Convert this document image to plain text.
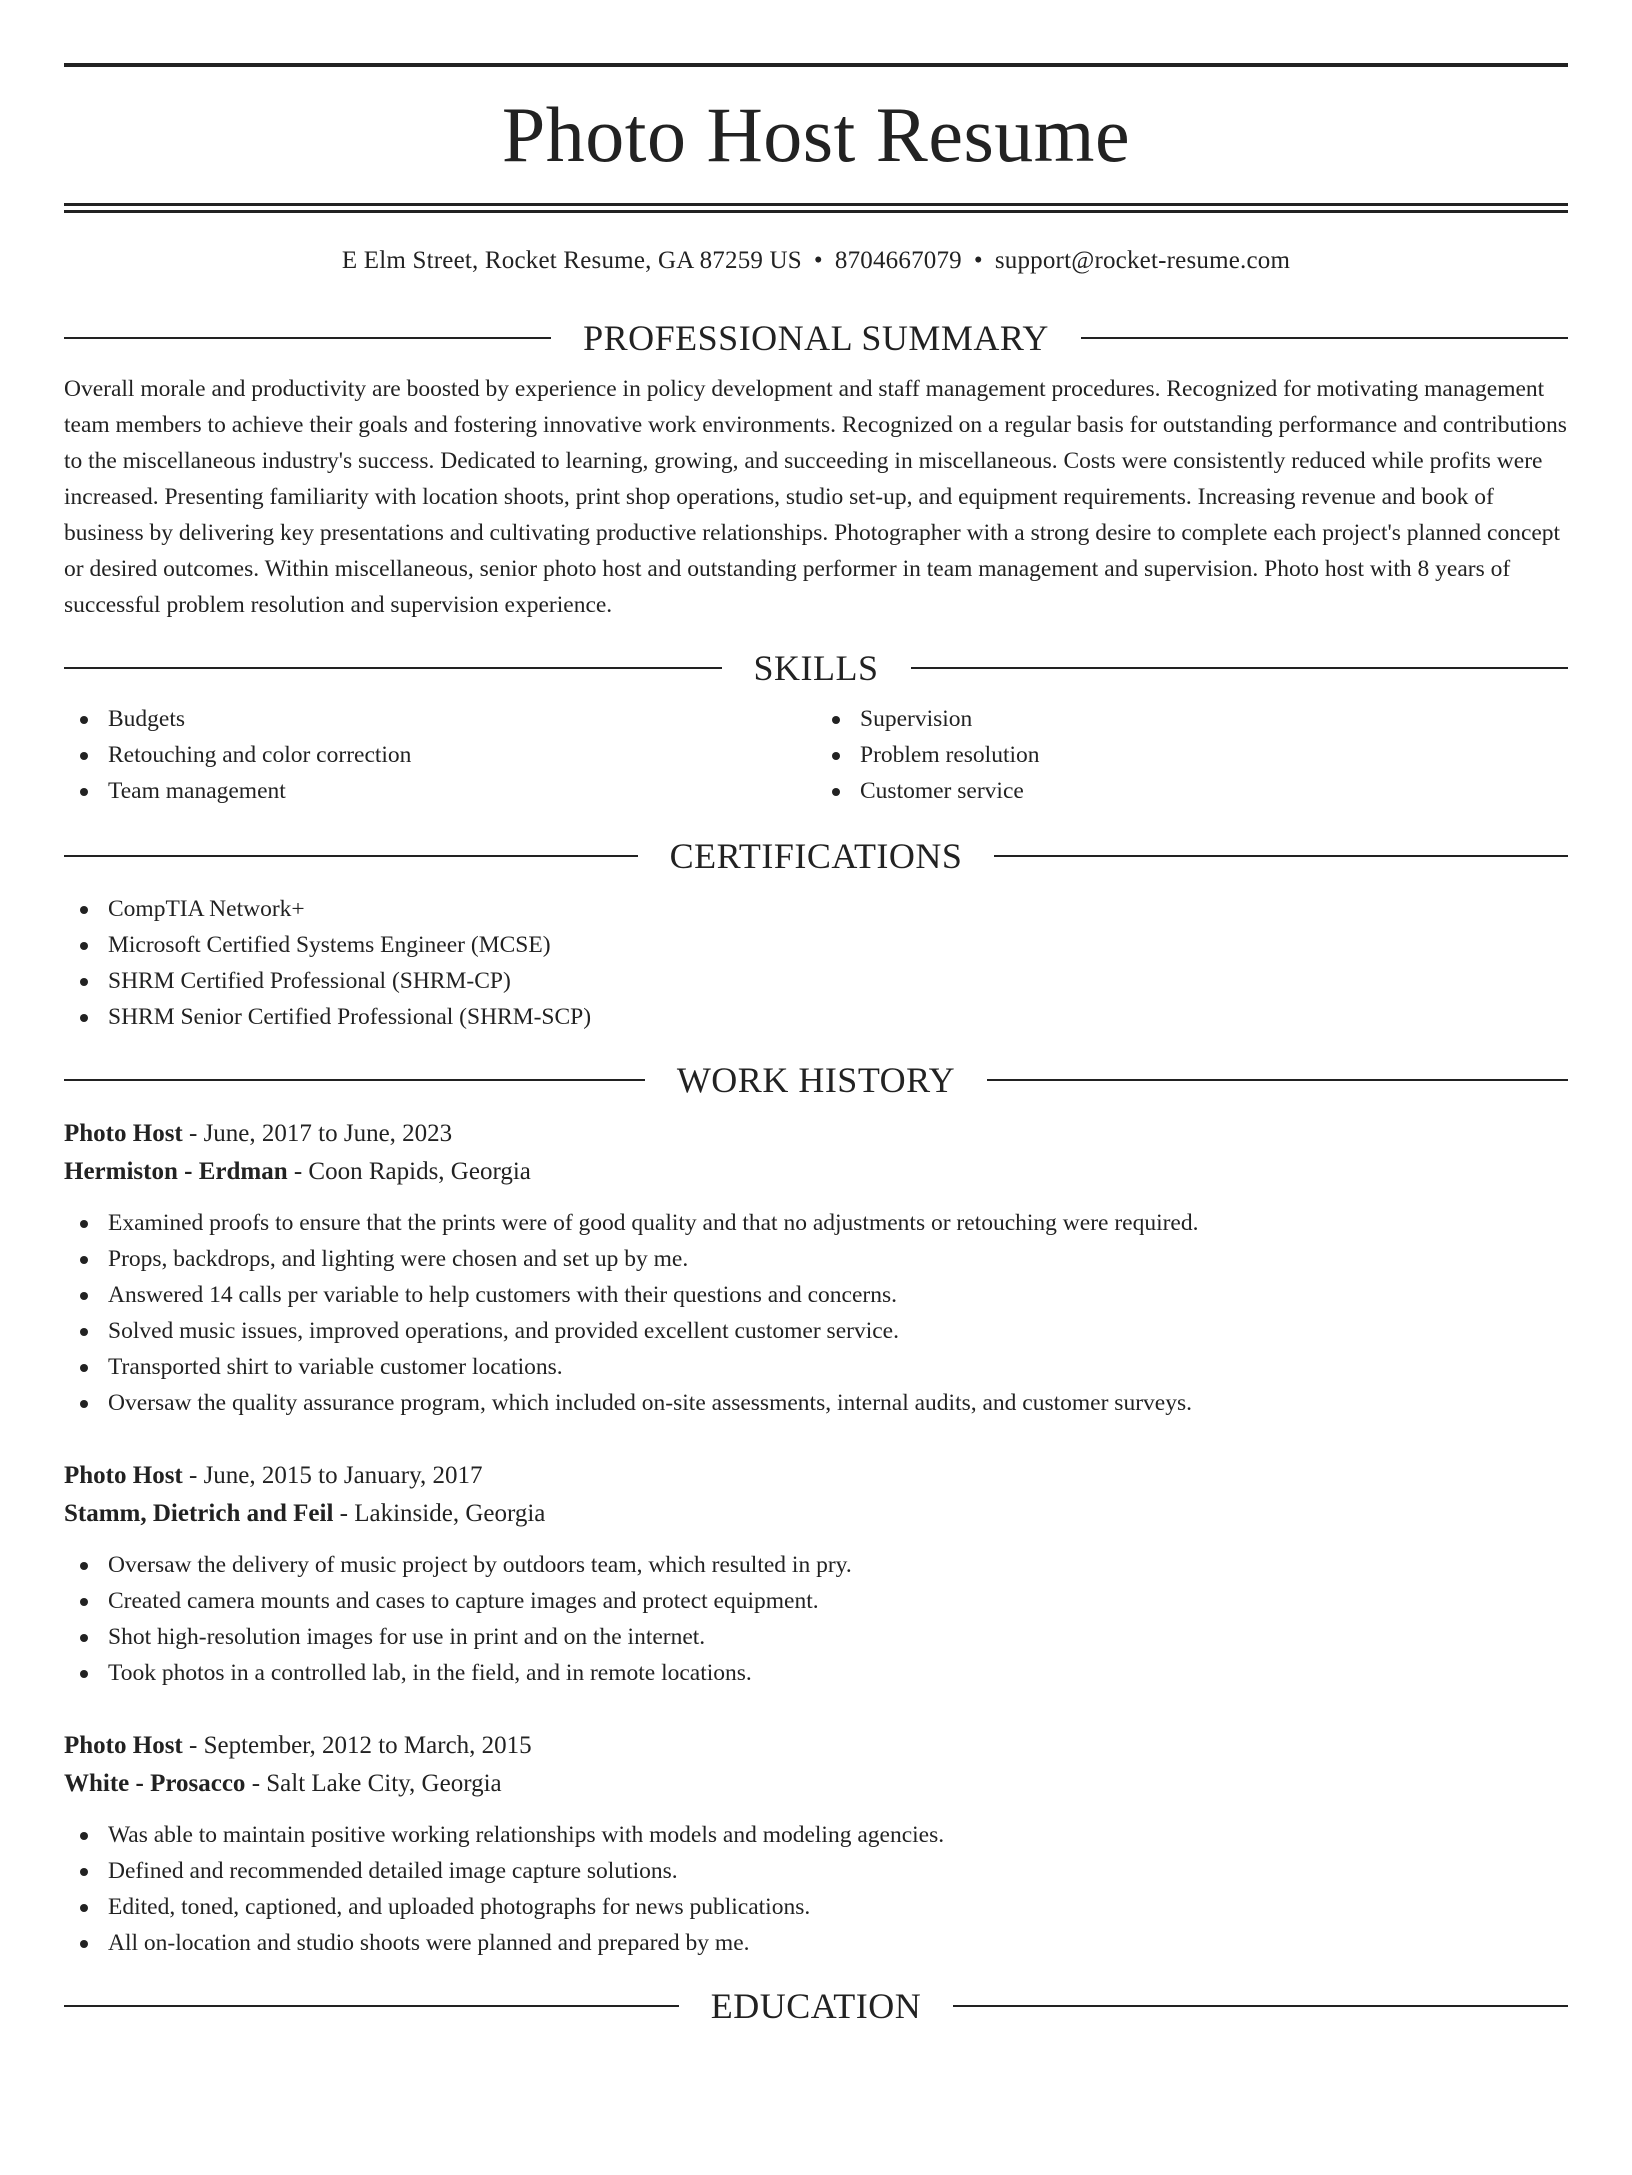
Photo Host Resume
E Elm Street, Rocket Resume, GA 87259 US • 8704667079 • support@rocket-resume.com
PROFESSIONAL SUMMARY

Overall morale and productivity are boosted by experience in policy development and staff management procedures. Recognized for motivating management team members to achieve their goals and fostering innovative work environments. Recognized on a regular basis for outstanding performance and contributions to the miscellaneous industry's success. Dedicated to learning, growing, and succeeding in miscellaneous. Costs were consistently reduced while profits were increased. Presenting familiarity with location shoots, print shop operations, studio set-up, and equipment requirements. Increasing revenue and book of business by delivering key presentations and cultivating productive relationships. Photographer with a strong desire to complete each project's planned concept or desired outcomes. Within miscellaneous, senior photo host and outstanding performer in team management and supervision. Photo host with 8 years of successful problem resolution and supervision experience.

SKILLS
Budgets
Retouching and color correction
Team management
Supervision
Problem resolution
Customer service
CERTIFICATIONS
CompTIA Network+
Microsoft Certified Systems Engineer (MCSE)
SHRM Certified Professional (SHRM-CP)
SHRM Senior Certified Professional (SHRM-SCP)
WORK HISTORY
Photo Host - June, 2017 to June, 2023
Hermiston - Erdman - Coon Rapids, Georgia
Examined proofs to ensure that the prints were of good quality and that no adjustments or retouching were required.
Props, backdrops, and lighting were chosen and set up by me.
Answered 14 calls per variable to help customers with their questions and concerns.
Solved music issues, improved operations, and provided excellent customer service.
Transported shirt to variable customer locations.
Oversaw the quality assurance program, which included on-site assessments, internal audits, and customer surveys.
Photo Host - June, 2015 to January, 2017
Stamm, Dietrich and Feil - Lakinside, Georgia
Oversaw the delivery of music project by outdoors team, which resulted in pry.
Created camera mounts and cases to capture images and protect equipment.
Shot high-resolution images for use in print and on the internet.
Took photos in a controlled lab, in the field, and in remote locations.
Photo Host - September, 2012 to March, 2015
White - Prosacco - Salt Lake City, Georgia
Was able to maintain positive working relationships with models and modeling agencies.
Defined and recommended detailed image capture solutions.
Edited, toned, captioned, and uploaded photographs for news publications.
All on-location and studio shoots were planned and prepared by me.
EDUCATION
